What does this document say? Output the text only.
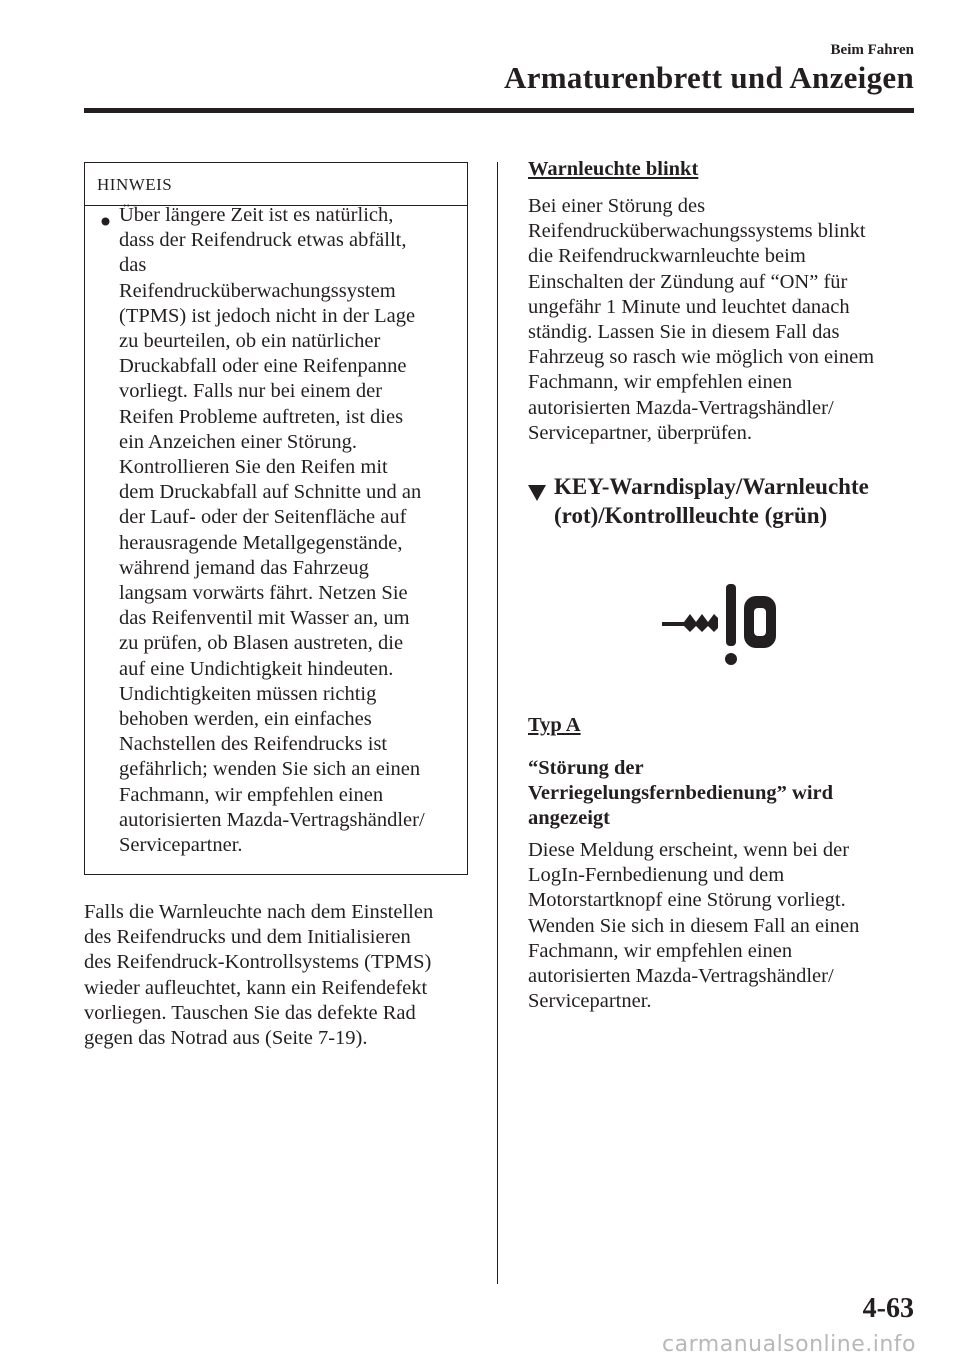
Beim Fahren
Armaturenbrett und Anzeigen
HINWEIS
Über längere Zeit ist es natürlich,
dass der Reifendruck etwas abfällt,
das
Reifendrucküberwachungssystem
(TPMS) ist jedoch nicht in der Lage
zu beurteilen, ob ein natürlicher
Druckabfall oder eine Reifenpanne
vorliegt. Falls nur bei einem der
Reifen Probleme auftreten, ist dies
ein Anzeichen einer Störung.
Kontrollieren Sie den Reifen mit
dem Druckabfall auf Schnitte und an
der Lauf- oder der Seitenfläche auf
herausragende Metallgegenstände,
während jemand das Fahrzeug
langsam vorwärts fährt. Netzen Sie
das Reifenventil mit Wasser an, um
zu prüfen, ob Blasen austreten, die
auf eine Undichtigkeit hindeuten.
Undichtigkeiten müssen richtig
behoben werden, ein einfaches
Nachstellen des Reifendrucks ist
gefährlich; wenden Sie sich an einen
Fachmann, wir empfehlen einen
autorisierten Mazda-Vertragshändler/
Servicepartner.

Falls die Warnleuchte nach dem Einstellen
des Reifendrucks und dem Initialisieren
des Reifendruck-Kontrollsystems (TPMS)
wieder aufleuchtet, kann ein Reifendefekt
vorliegen. Tauschen Sie das defekte Rad
gegen das Notrad aus (Seite 7-19).

Warnleuchte blinkt

Bei einer Störung des
Reifendrucküberwachungssystems blinkt
die Reifendruckwarnleuchte beim
Einschalten der Zündung auf “ON” für
ungefähr 1 Minute und leuchtet danach
ständig. Lassen Sie in diesem Fall das
Fahrzeug so rasch wie möglich von einem
Fachmann, wir empfehlen einen
autorisierten Mazda-Vertragshändler/
Servicepartner, überprüfen.

KEY-Warndisplay/Warnleuchte
(rot)/Kontrollleuchte (grün)
Typ A
“Störung der
Verriegelungsfernbedienung” wird
angezeigt

Diese Meldung erscheint, wenn bei der
LogIn-Fernbedienung und dem
Motorstartknopf eine Störung vorliegt.
Wenden Sie sich in diesem Fall an einen
Fachmann, wir empfehlen einen
autorisierten Mazda-Vertragshändler/
Servicepartner.

4-63
carmanualsonline.info
